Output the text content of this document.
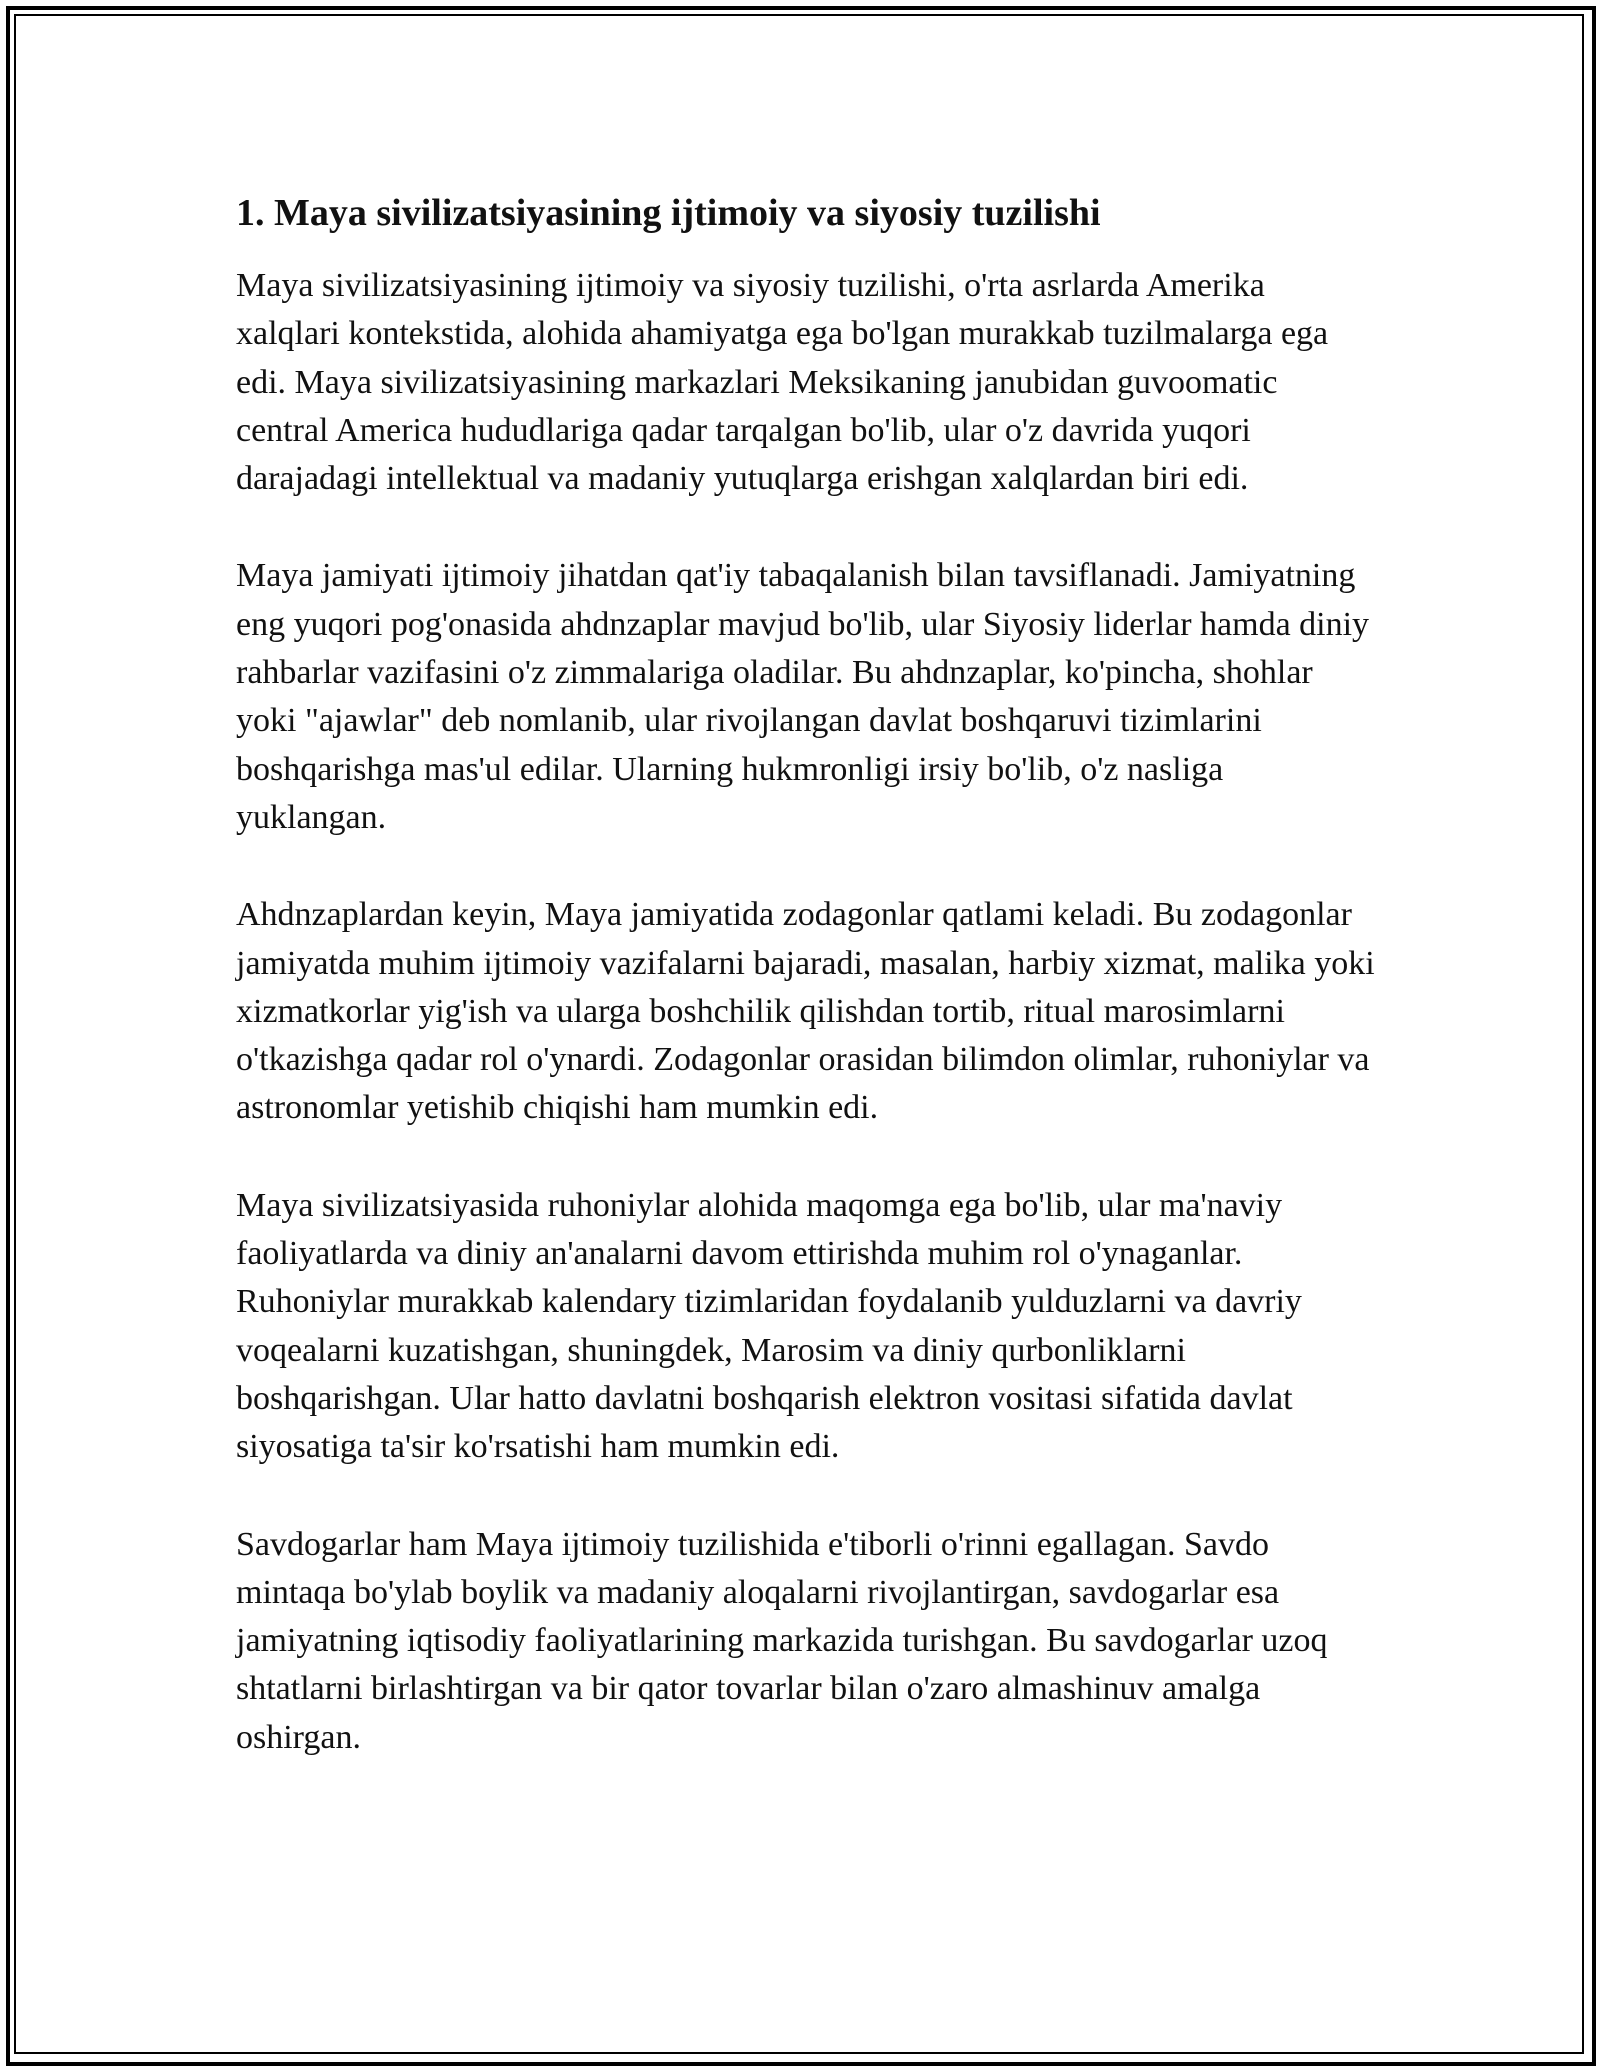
1. Maya sivilizatsiyasining ijtimoiy va siyosiy tuzilishi

Maya sivilizatsiyasining ijtimoiy va siyosiy tuzilishi, o'rta asrlarda Amerika xalqlari kontekstida, alohida ahamiyatga ega bo'lgan murakkab tuzilmalarga ega edi. Maya sivilizatsiyasining markazlari Meksikaning janubidan guvoomatic central America hududlariga qadar tarqalgan bo'lib, ular o'z davrida yuqori darajadagi intellektual va madaniy yutuqlarga erishgan xalqlardan biri edi.

Maya jamiyati ijtimoiy jihatdan qat'iy tabaqalanish bilan tavsiflanadi. Jamiyatning eng yuqori pog'onasida ahdnzaplar mavjud bo'lib, ular Siyosiy liderlar hamda diniy rahbarlar vazifasini o'z zimmalariga oladilar. Bu ahdnzaplar, ko'pincha, shohlar yoki "ajawlar" deb nomlanib, ular rivojlangan davlat boshqaruvi tizimlarini boshqarishga mas'ul edilar. Ularning hukmronligi irsiy bo'lib, o'z nasliga yuklangan.

Ahdnzaplardan keyin, Maya jamiyatida zodagonlar qatlami keladi. Bu zodagonlar jamiyatda muhim ijtimoiy vazifalarni bajaradi, masalan, harbiy xizmat, malika yoki xizmatkorlar yig'ish va ularga boshchilik qilishdan tortib, ritual marosimlarni o'tkazishga qadar rol o'ynardi. Zodagonlar orasidan bilimdon olimlar, ruhoniylar va astronomlar yetishib chiqishi ham mumkin edi.

Maya sivilizatsiyasida ruhoniylar alohida maqomga ega bo'lib, ular ma'naviy faoliyatlarda va diniy an'analarni davom ettirishda muhim rol o'ynaganlar. Ruhoniylar murakkab kalendary tizimlaridan foydalanib yulduzlarni va davriy voqealarni kuzatishgan, shuningdek, Marosim va diniy qurbonliklarni boshqarishgan. Ular hatto davlatni boshqarish elektron vositasi sifatida davlat siyosatiga ta'sir ko'rsatishi ham mumkin edi.

Savdogarlar ham Maya ijtimoiy tuzilishida e'tiborli o'rinni egallagan. Savdo mintaqa bo'ylab boylik va madaniy aloqalarni rivojlantirgan, savdogarlar esa jamiyatning iqtisodiy faoliyatlarining markazida turishgan. Bu savdogarlar uzoq shtatlarni birlashtirgan va bir qator tovarlar bilan o'zaro almashinuv amalga oshirgan.
